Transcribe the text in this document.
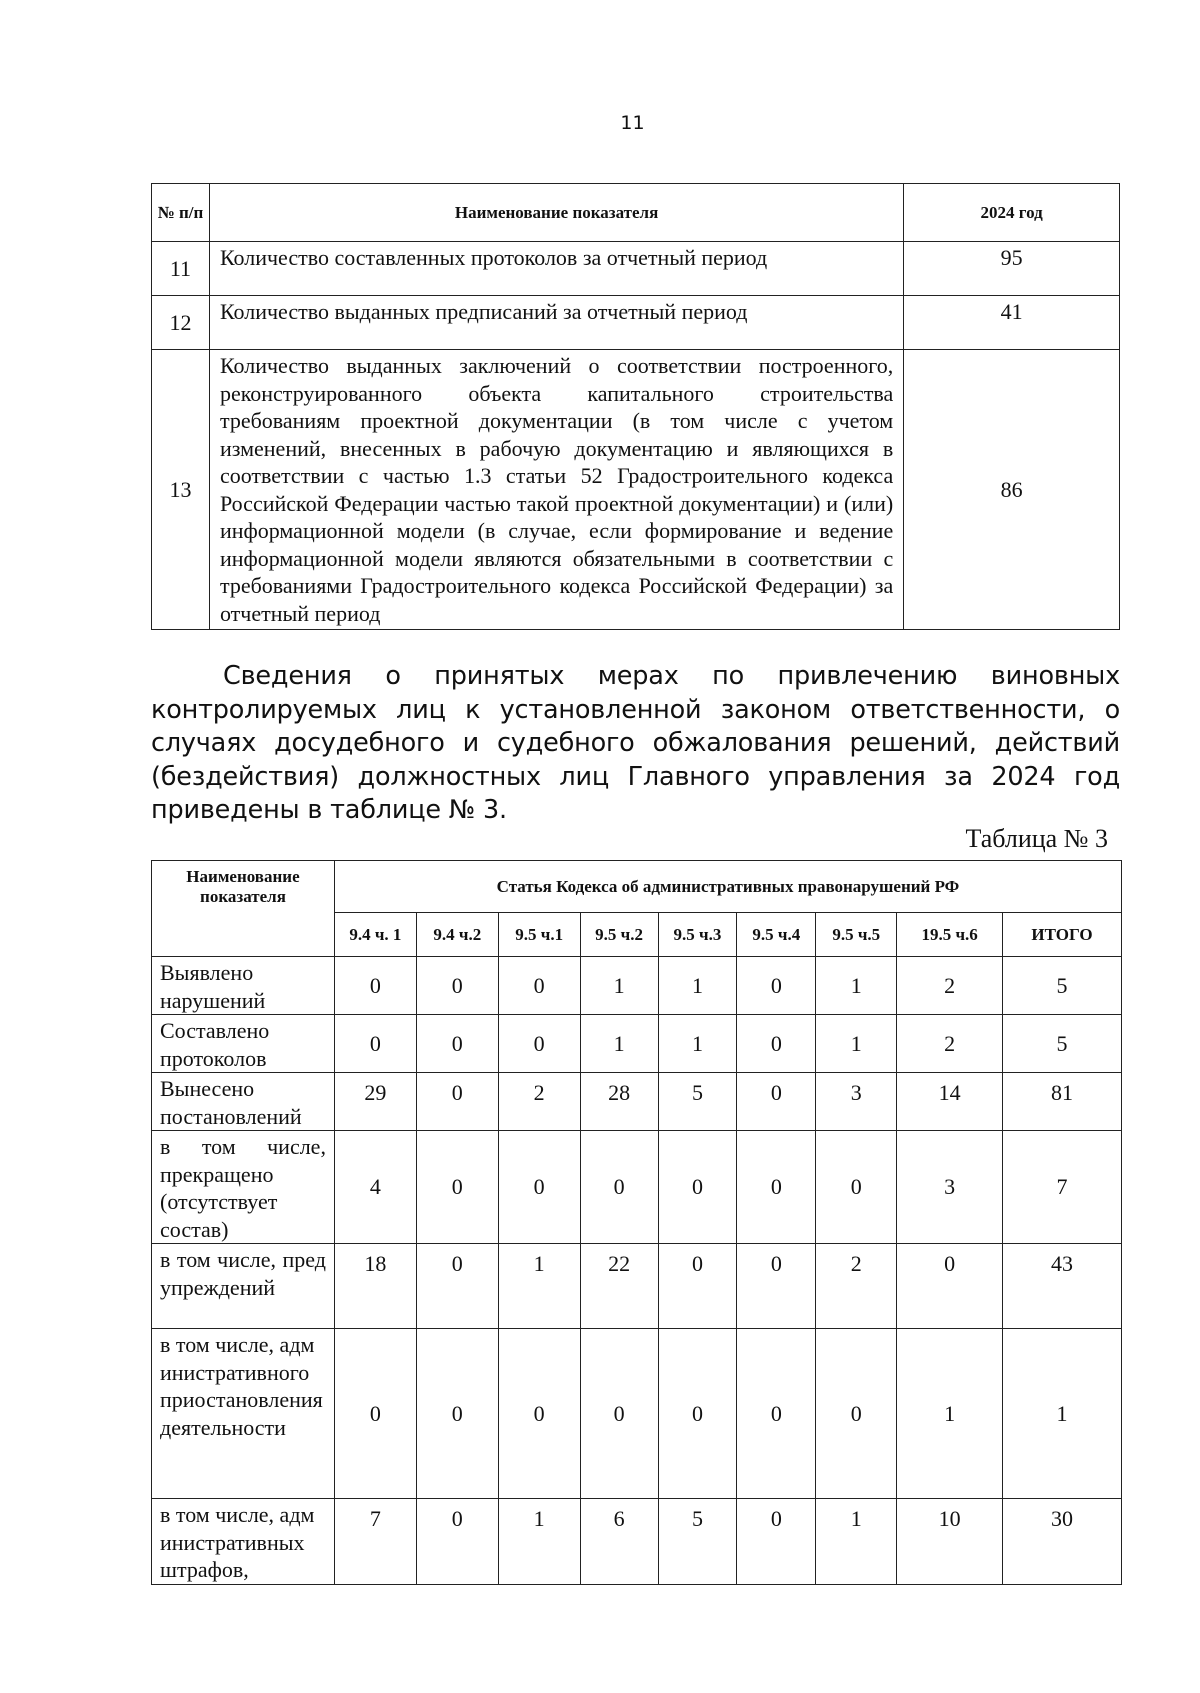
11
№ п/п	Наименование показателя	2024 год
11	Количество составленных протоколов за отчетный период	95
12	Количество выданных предписаний за отчетный период	41
13	Количество выданных заключений о соответствии построенного, реконструированного объекта капитального строительства требованиям проектной документации (в том числе с учетом изменений, внесенных в рабочую документацию и являющихся в соответствии с частью 1.3 статьи 52 Градостроительного кодекса Российской Федерации частью такой проектной документации) и (или) информационной модели (в случае, если формирование и ведение информационной модели являются обязательными в соответствии с требованиями Градостроительного кодекса Российской Федерации) за отчетный период	86

Сведения о принятых мерах по привлечению виновных контролируемых лиц к установленной законом ответственности, о случаях досудебного и судебного обжалования решений, действий (бездействия) должностных лиц Главного управления за 2024 год приведены в таблице № 3.

Таблица № 3
Наименование показателя	Статья Кодекса об административных правонарушений РФ								
	9.4 ч. 1	9.4 ч.2	9.5 ч.1	9.5 ч.2	9.5 ч.3	9.5 ч.4	9.5 ч.5	19.5 ч.6	ИТОГО
Выявлено нарушений	0	0	0	1	1	0	1	2	5
Составлено протоколов	0	0	0	1	1	0	1	2	5
Вынесено постановлений	29	0	2	28	5	0	3	14	81
в том числе, прекращено (отсутствует состав)	4	0	0	0	0	0	0	3	7
в том числе, предупреждений	18	0	1	22	0	0	2	0	43
в том числе, административного приостановления деятельности	0	0	0	0	0	0	0	1	1
в том числе, административных штрафов,	7	0	1	6	5	0	1	10	30
